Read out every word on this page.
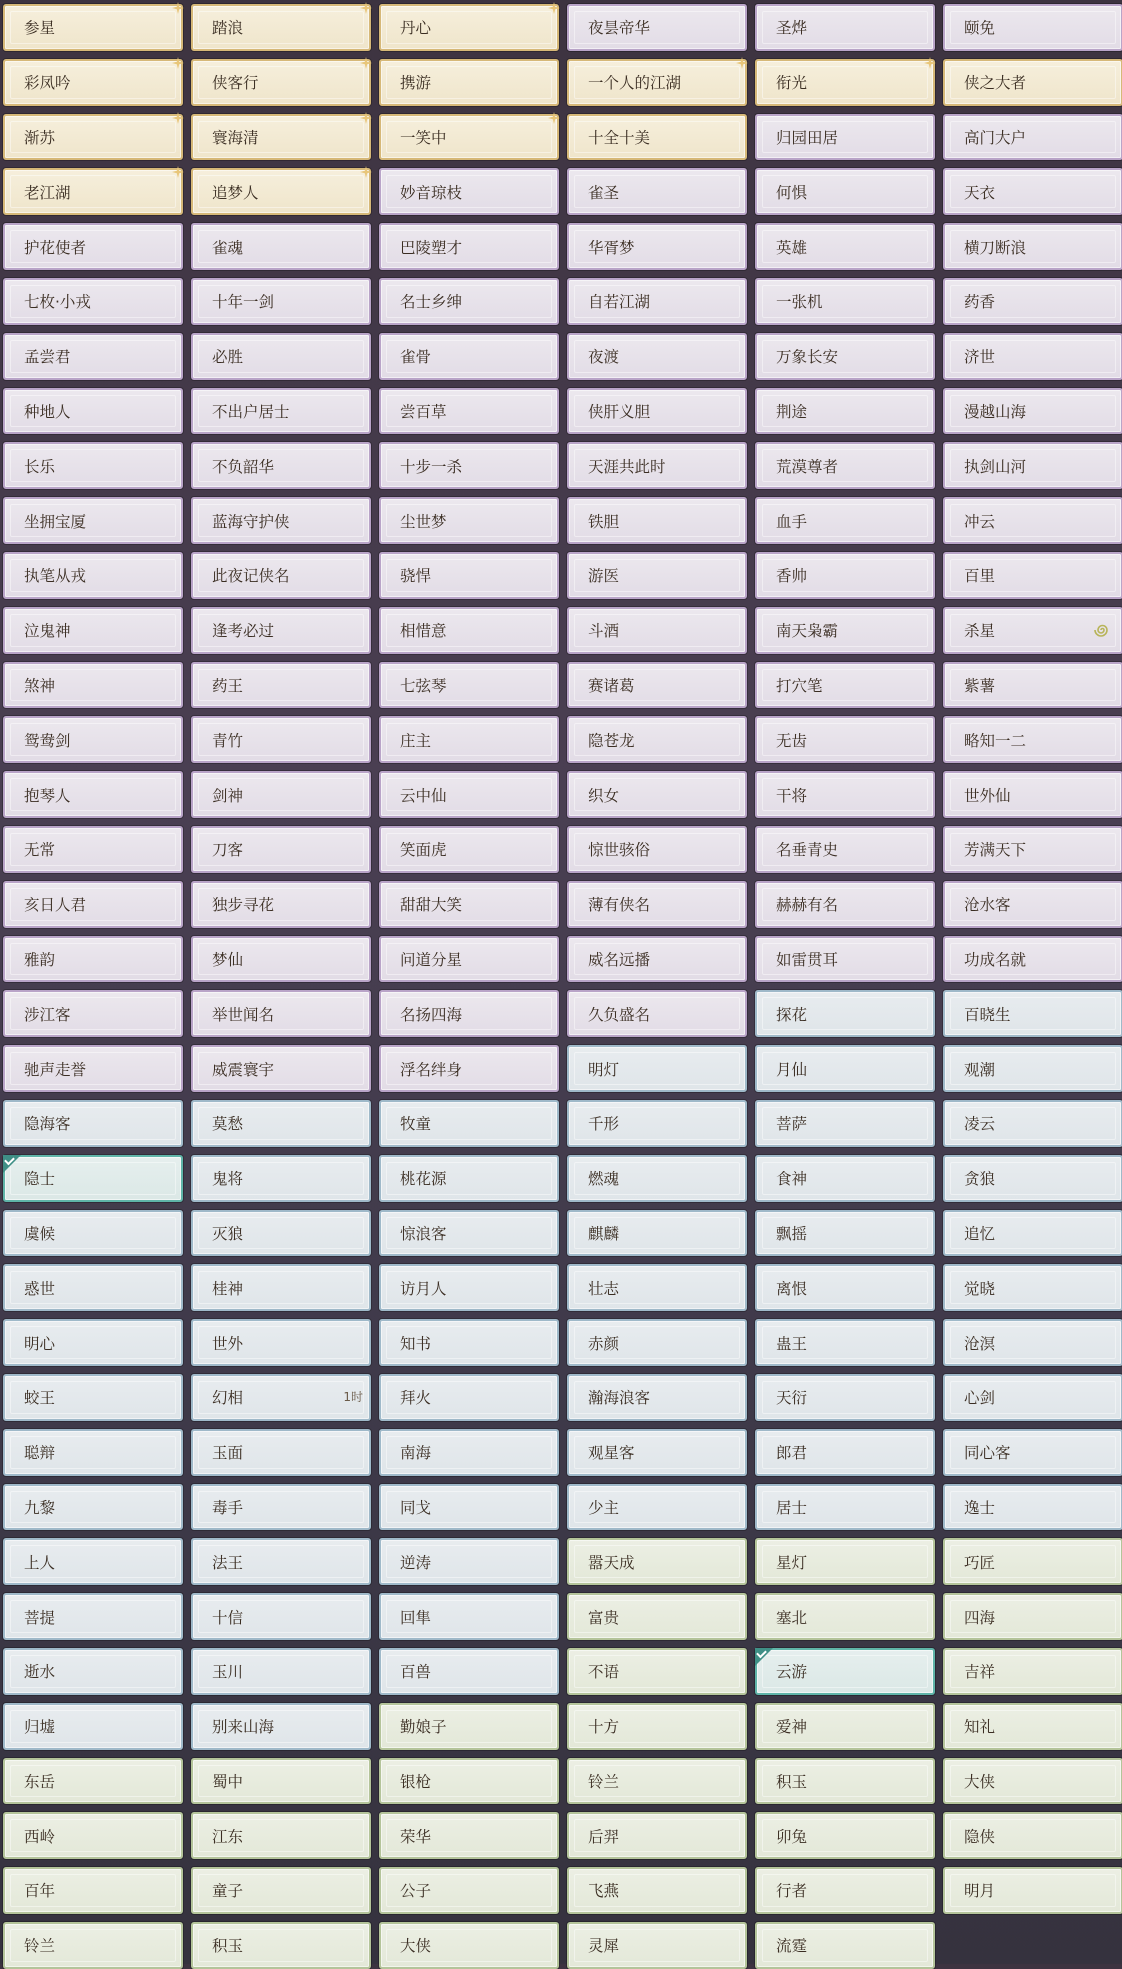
参星	踏浪	丹心	夜昙帝华	圣烨	颐免
彩凤吟	侠客行	携游	一个人的江湖	衔光	侠之大者
渐苏	寰海清	一笑中	十全十美	归园田居	高门大户
老江湖	追梦人	妙音琼枝	雀圣	何惧	天衣
护花使者	雀魂	巴陵塑才	华胥梦	英雄	横刀断浪
七枚·小戎	十年一剑	名士乡绅	自若江湖	一张机	药香
孟尝君	必胜	雀骨	夜渡	万象长安	济世
种地人	不出户居士	尝百草	侠肝义胆	荆途	漫越山海
长乐	不负韶华	十步一杀	天涯共此时	荒漠尊者	执剑山河
坐拥宝厦	蓝海守护侠	尘世梦	铁胆	血手	冲云
执笔从戎	此夜记侠名	骁悍	游医	香帅	百里
泣鬼神	逢考必过	相惜意	斗酒	南天枭霸	杀星
煞神	药王	七弦琴	赛诸葛	打穴笔	紫薯
鸳鸯剑	青竹	庄主	隐苍龙	无齿	略知一二
抱琴人	剑神	云中仙	织女	干将	世外仙
无常	刀客	笑面虎	惊世骇俗	名垂青史	芳满天下
亥日人君	独步寻花	甜甜大笑	薄有侠名	赫赫有名	沧水客
雅韵	梦仙	问道分星	威名远播	如雷贯耳	功成名就
涉江客	举世闻名	名扬四海	久负盛名	探花	百晓生
驰声走誉	威震寰宇	浮名绊身	明灯	月仙	观潮
隐海客	莫愁	牧童	千形	菩萨	凌云
隐士	鬼将	桃花源	燃魂	食神	贪狼
虞候	灭狼	惊浪客	麒麟	飘摇	追忆
惑世	桂神	访月人	壮志	离恨	觉晓
明心	世外	知书	赤颜	蛊王	沧溟
蛟王	幻相	1时 拜火	瀚海浪客	天衍	心剑
聪辩	玉面	南海	观星客	郎君	同心客
九黎	毒手	同戈	少主	居士	逸士
上人	法王	逆涛	嚣天成	星灯	巧匠
菩提	十信	回隼	富贵	塞北	四海
逝水	玉川	百兽	不语	云游	吉祥
归墟	别来山海	勤娘子	十方	爱神	知礼
东岳	蜀中	银枪	铃兰	积玉	大侠
西岭	江东	荣华	后羿	卯兔	隐侠
百年	童子	公子	飞燕	行者	明月
铃兰	积玉	大侠	灵犀	流霆
